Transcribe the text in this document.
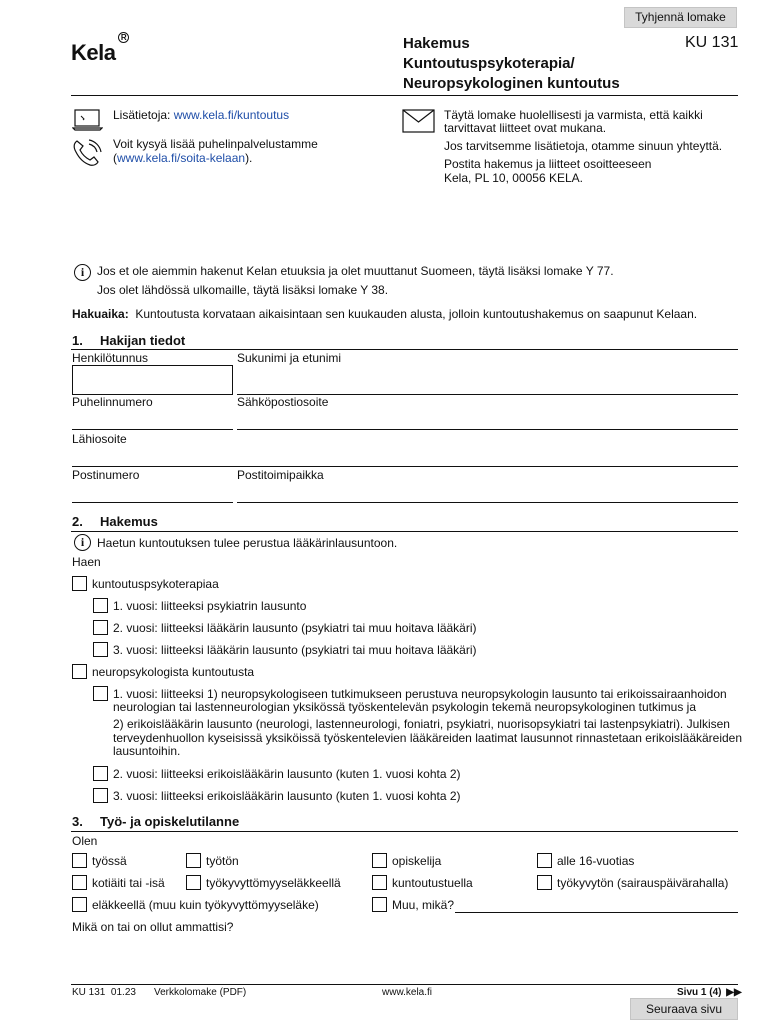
Tyhjennä lomake
Kela
R	Hakemus
Kuntoutuspsykoterapia/
Neuropsykologinen kuntoutus
KU 131
Lisätietoja: www.kela.fi/kuntoutus
Voit kysyä lisää puhelinpalvelustamme
(www.kela.fi/soita-kelaan).
Täytä lomake huolellisesti ja varmista, että kaikki
tarvittavat liitteet ovat mukana.
Jos tarvitsemme lisätietoja, otamme sinuun yhteyttä.
Postita hakemus ja liitteet osoitteeseen
Kela, PL 10, 00056 KELA.
i	Jos et ole aiemmin hakenut Kelan etuuksia ja olet muuttanut Suomeen, täytä lisäksi lomake Y 77.
Jos olet lähdössä ulkomaille, täytä lisäksi lomake Y 38.
Hakuaika: Kuntoutusta korvataan aikaisintaan sen kuukauden alusta, jolloin kuntoutushakemus on saapunut Kelaan.
1. Hakijan tiedot
Henkilötunnus	Sukunimi ja etunimi
Puhelinnumero	Sähköpostiosoite
Lähiosoite
Postinumero	Postitoimipaikka
2. Hakemus
i	Haetun kuntoutuksen tulee perustua lääkärinlausuntoon.
Haen
kuntoutuspsykoterapiaa
1. vuosi: liitteeksi psykiatrin lausunto
2. vuosi: liitteeksi lääkärin lausunto (psykiatri tai muu hoitava lääkäri)
3. vuosi: liitteeksi lääkärin lausunto (psykiatri tai muu hoitava lääkäri)
neuropsykologista kuntoutusta
1. vuosi: liitteeksi 1) neuropsykologiseen tutkimukseen perustuva neuropsykologin lausunto tai erikoissairaanhoidon
neurologian tai lastenneurologian yksikössä työskentelevän psykologin tekemä neuropsykologinen tutkimus ja
2) erikoislääkärin lausunto (neurologi, lastenneurologi, foniatri, psykiatri, nuorisopsykiatri tai lastenpsykiatri). Julkisen
terveydenhuollon kyseisissä yksiköissä työskentelevien lääkäreiden laatimat lausunnot rinnastetaan erikoislääkäreiden
lausuntoihin.
2. vuosi: liitteeksi erikoislääkärin lausunto (kuten 1. vuosi kohta 2)
3. vuosi: liitteeksi erikoislääkärin lausunto (kuten 1. vuosi kohta 2)
3. Työ- ja opiskelutilanne
Olen
työssä	työtön	opiskelija	alle 16-vuotias
kotiäiti tai -isä	työkyvyttömyyseläkkeellä	kuntoutustuella	työkyvytön (sairauspäivärahalla)
eläkkeellä (muu kuin työkyvyttömyyseläke)	Muu, mikä?
Mikä on tai on ollut ammattisi?
KU 131  01.23 Verkkolomake (PDF)	www.kela.fi	Sivu 1 (4) ▶▶
Seuraava sivu
